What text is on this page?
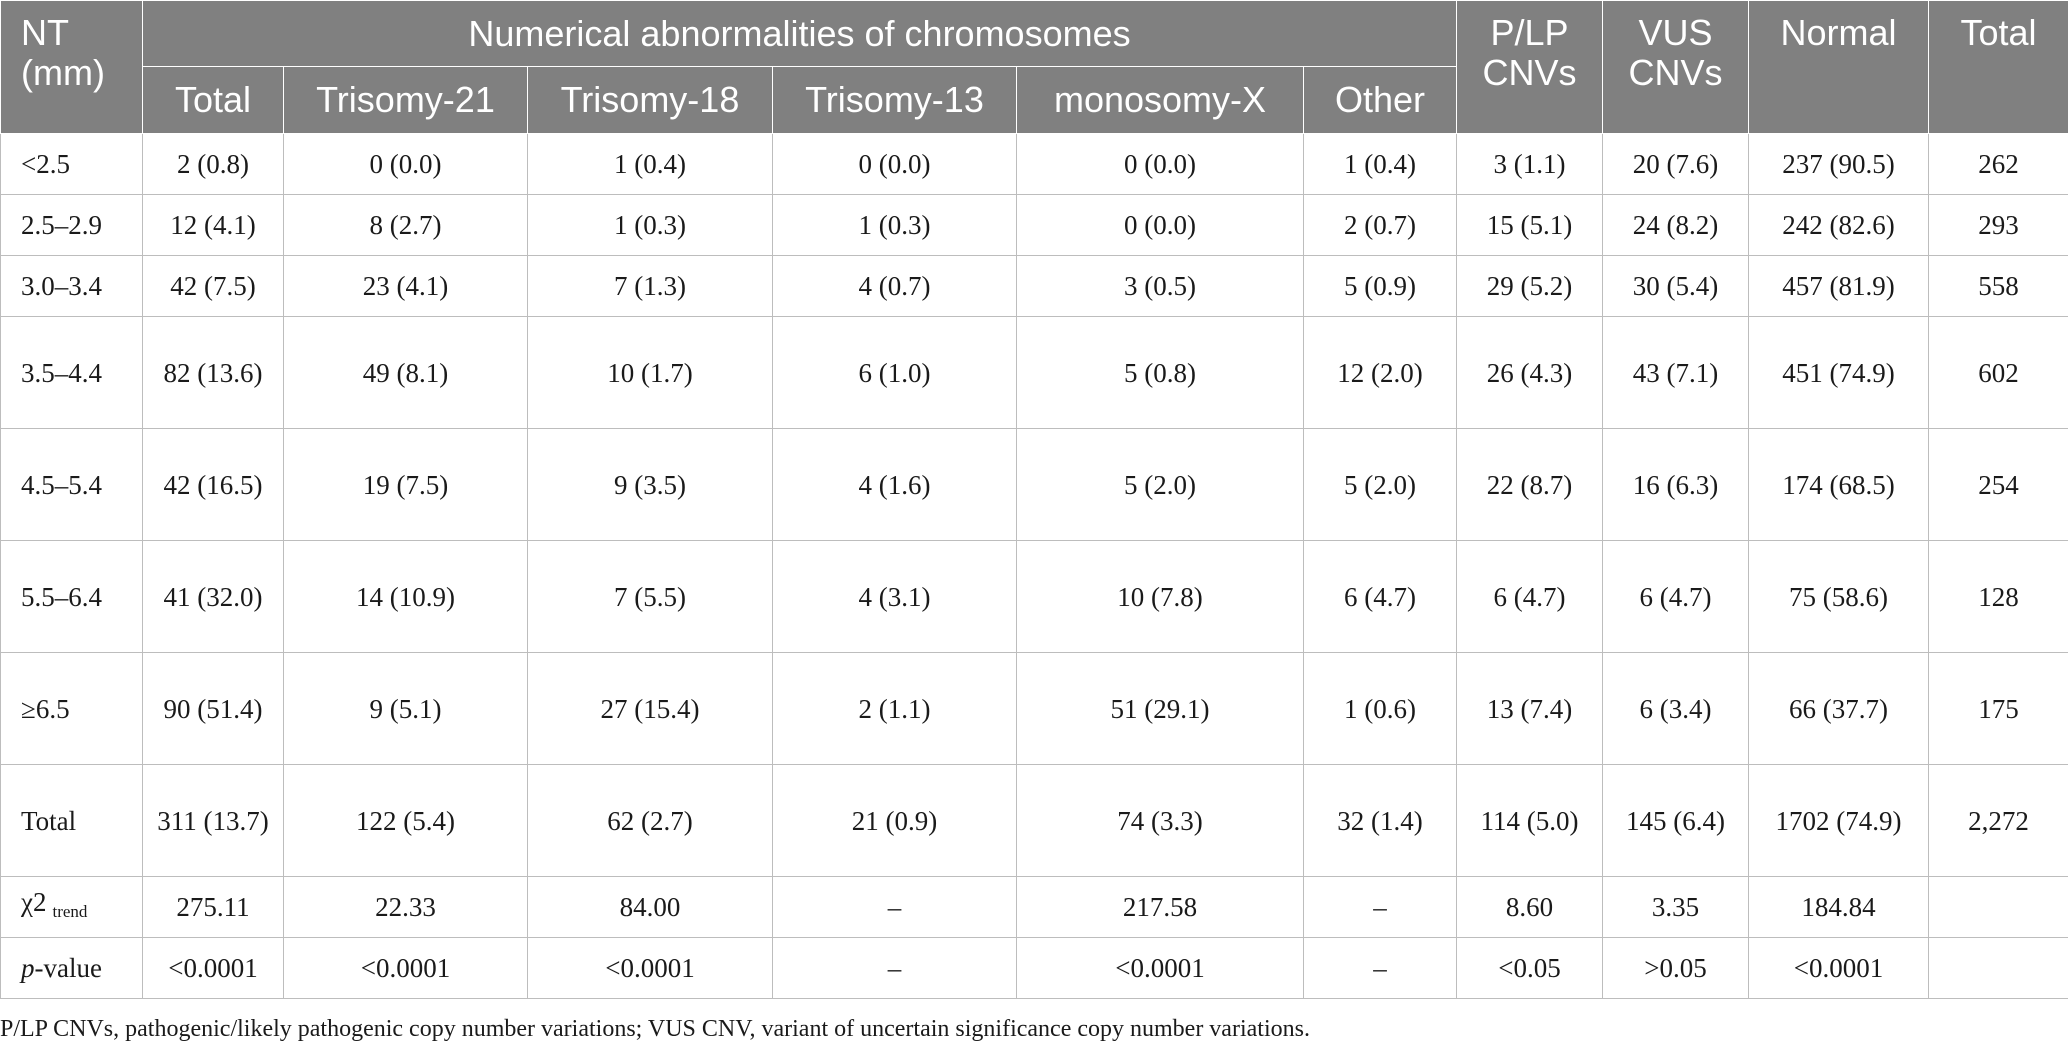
NT (mm)	Numerical abnormalities of chromosomes						P/LP CNVs	VUS CNVs	Normal	Total
	Total	Trisomy-21	Trisomy-18	Trisomy-13	monosomy-X	Other				
<2.5	2 (0.8)	0 (0.0)	1 (0.4)	0 (0.0)	0 (0.0)	1 (0.4)	3 (1.1)	20 (7.6)	237 (90.5)	262
2.5–2.9	12 (4.1)	8 (2.7)	1 (0.3)	1 (0.3)	0 (0.0)	2 (0.7)	15 (5.1)	24 (8.2)	242 (82.6)	293
3.0–3.4	42 (7.5)	23 (4.1)	7 (1.3)	4 (0.7)	3 (0.5)	5 (0.9)	29 (5.2)	30 (5.4)	457 (81.9)	558
3.5–4.4	82 (13.6)	49 (8.1)	10 (1.7)	6 (1.0)	5 (0.8)	12 (2.0)	26 (4.3)	43 (7.1)	451 (74.9)	602
4.5–5.4	42 (16.5)	19 (7.5)	9 (3.5)	4 (1.6)	5 (2.0)	5 (2.0)	22 (8.7)	16 (6.3)	174 (68.5)	254
5.5–6.4	41 (32.0)	14 (10.9)	7 (5.5)	4 (3.1)	10 (7.8)	6 (4.7)	6 (4.7)	6 (4.7)	75 (58.6)	128
≥6.5	90 (51.4)	9 (5.1)	27 (15.4)	2 (1.1)	51 (29.1)	1 (0.6)	13 (7.4)	6 (3.4)	66 (37.7)	175
Total	311 (13.7)	122 (5.4)	62 (2.7)	21 (0.9)	74 (3.3)	32 (1.4)	114 (5.0)	145 (6.4)	1702 (74.9)	2,272
χ2 $_{trend}$	275.11	22.33	84.00	–	217.58	–	8.60	3.35	184.84	
p-value	<0.0001	<0.0001	<0.0001	–	<0.0001	–	<0.05	>0.05	<0.0001	
P/LP CNVs, pathogenic/likely pathogenic copy number variations; VUS CNV, variant of uncertain significance copy number variations.
